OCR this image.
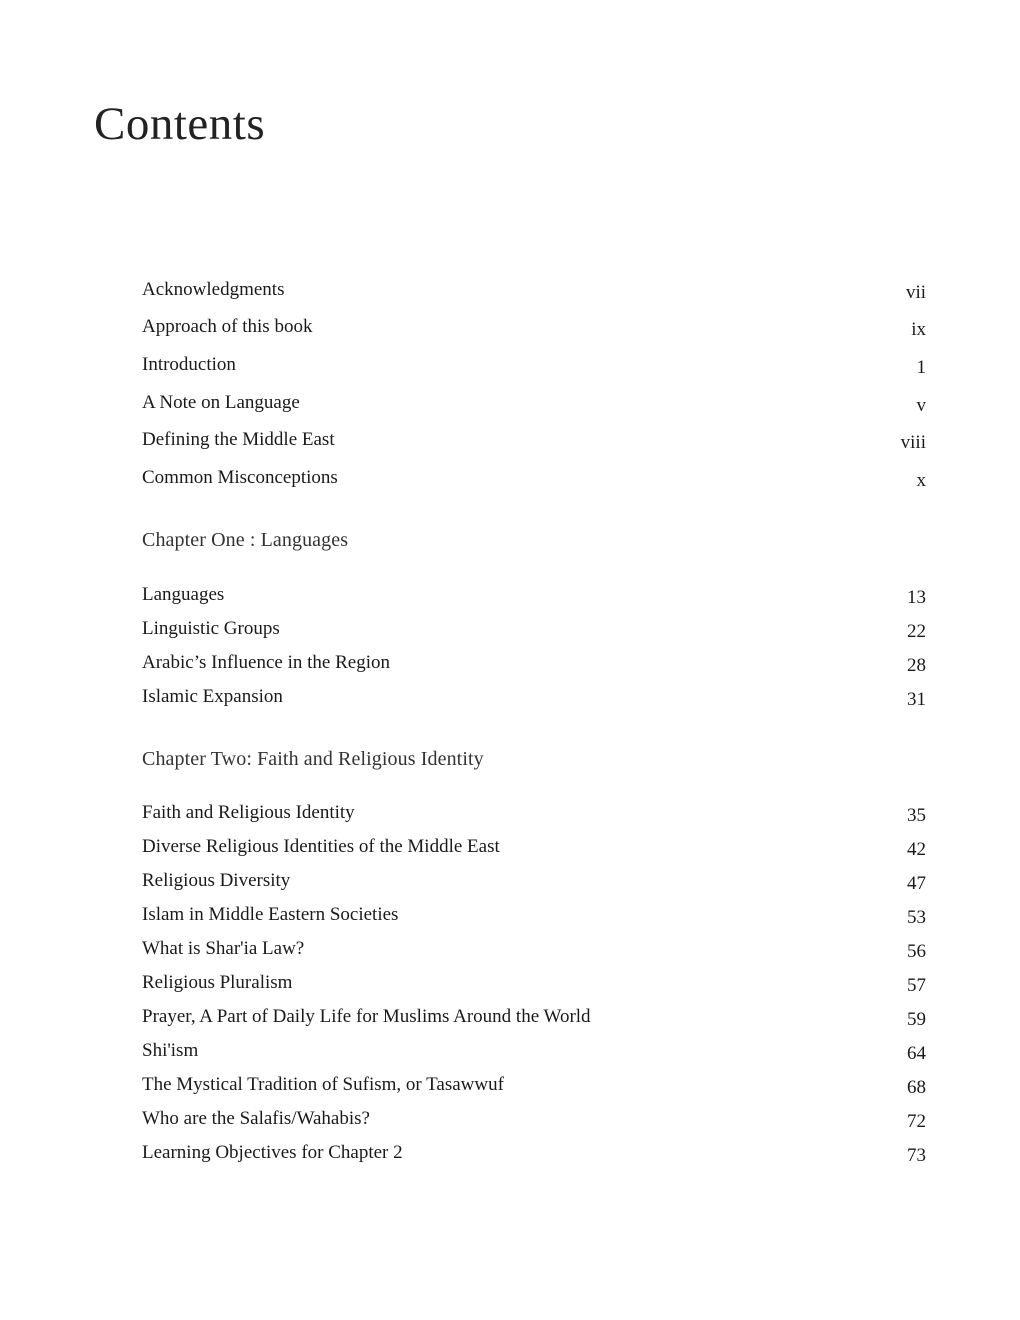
Contents
Acknowledgments	vii
Approach of this book	ix
Introduction	1
A Note on Language	v
Defining the Middle East	viii
Common Misconceptions	x
Chapter One : Languages
Languages	13
Linguistic Groups	22
Arabic’s Influence in the Region	28
Islamic Expansion	31
Chapter Two: Faith and Religious Identity
Faith and Religious Identity	35
Diverse Religious Identities of the Middle East	42
Religious Diversity	47
Islam in Middle Eastern Societies	53
What is Shar'ia Law?	56
Religious Pluralism	57
Prayer, A Part of Daily Life for Muslims Around the World	59
Shi'ism	64
The Mystical Tradition of Sufism, or Tasawwuf	68
Who are the Salafis/Wahabis?	72
Learning Objectives for Chapter 2	73
